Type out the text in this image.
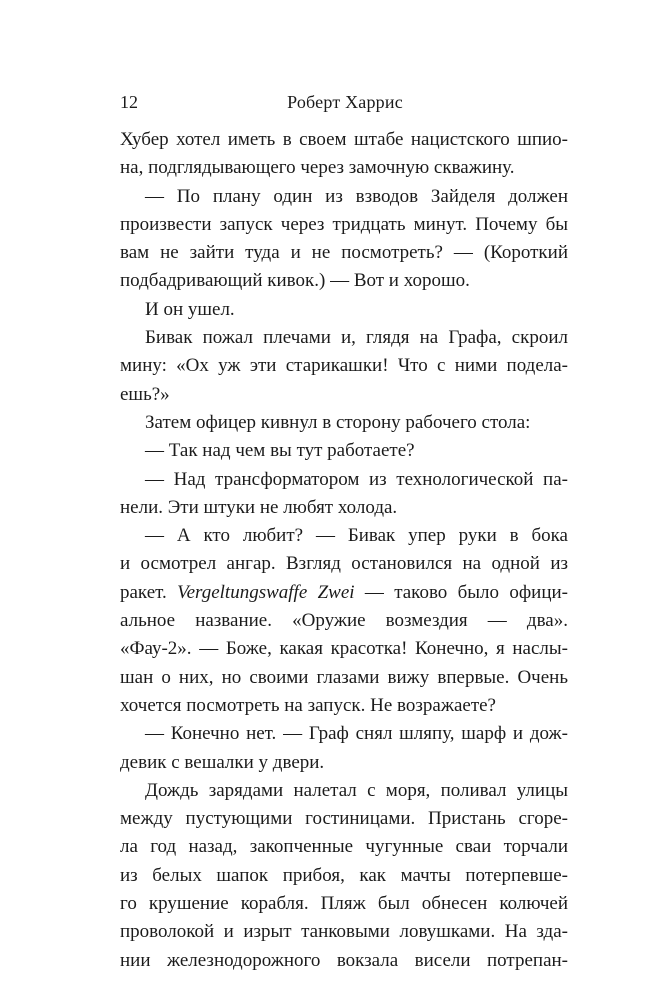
12	Роберт Харрис
Хубер хотел иметь в своем штабе нацистского шпио-
на, подглядывающего через замочную скважину.
— По плану один из взводов Зайделя должен
произвести запуск через тридцать минут. Почему бы
вам не зайти туда и не посмотреть? — (Короткий
подбадривающий кивок.) — Вот и хорошо.
И он ушел.
Бивак пожал плечами и, глядя на Графа, скроил
мину: «Ох уж эти старикашки! Что с ними подела-
ешь?»
Затем офицер кивнул в сторону рабочего стола:
— Так над чем вы тут работаете?
— Над трансформатором из технологической па-
нели. Эти штуки не любят холода.
— А кто любит? — Бивак упер руки в бока
и осмотрел ангар. Взгляд остановился на одной из
ракет. Vergeltungswaffe Zwei — таково было офици-
альное название. «Оружие возмездия — два».
«Фау-2». — Боже, какая красотка! Конечно, я наслы-
шан о них, но своими глазами вижу впервые. Очень
хочется посмотреть на запуск. Не возражаете?
— Конечно нет. — Граф снял шляпу, шарф и дож-
девик с вешалки у двери.
Дождь зарядами налетал с моря, поливал улицы
между пустующими гостиницами. Пристань сгоре-
ла год назад, закопченные чугунные сваи торчали
из белых шапок прибоя, как мачты потерпевше-
го крушение корабля. Пляж был обнесен колючей
проволокой и изрыт танковыми ловушками. На зда-
нии железнодорожного вокзала висели потрепан-
